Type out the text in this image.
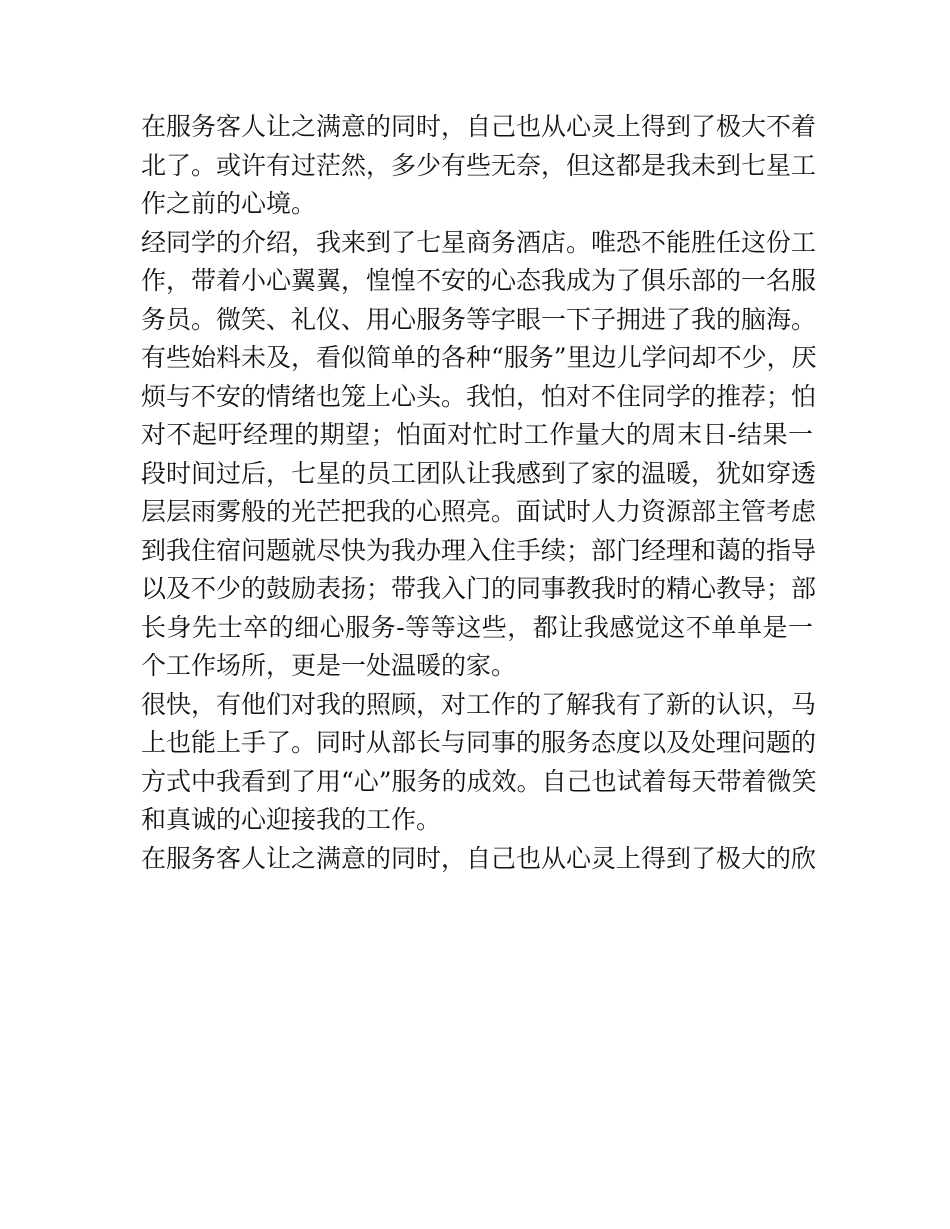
在服务客人让之满意的同时，自己也从心灵上得到了极大不着
北了。或许有过茫然，多少有些无奈，但这都是我未到七星工
作之前的心境。
经同学的介绍，我来到了七星商务酒店。唯恐不能胜任这份工
作，带着小心翼翼，惶惶不安的心态我成为了俱乐部的一名服
务员。微笑、礼仪、用心服务等字眼一下子拥进了我的脑海。
有些始料未及，看似简单的各种“服务”里边儿学问却不少，厌
烦与不安的情绪也笼上心头。我怕，怕对不住同学的推荐；怕
对不起吁经理的期望；怕面对忙时工作量大的周末日-结果一
段时间过后，七星的员工团队让我感到了家的温暖，犹如穿透
层层雨雾般的光芒把我的心照亮。面试时人力资源部主管考虑
到我住宿问题就尽快为我办理入住手续；部门经理和蔼的指导
以及不少的鼓励表扬；带我入门的同事教我时的精心教导；部
长身先士卒的细心服务-等等这些，都让我感觉这不单单是一
个工作场所，更是一处温暖的家。
很快，有他们对我的照顾，对工作的了解我有了新的认识，马
上也能上手了。同时从部长与同事的服务态度以及处理问题的
方式中我看到了用“心”服务的成效。自己也试着每天带着微笑
和真诚的心迎接我的工作。
在服务客人让之满意的同时，自己也从心灵上得到了极大的欣
